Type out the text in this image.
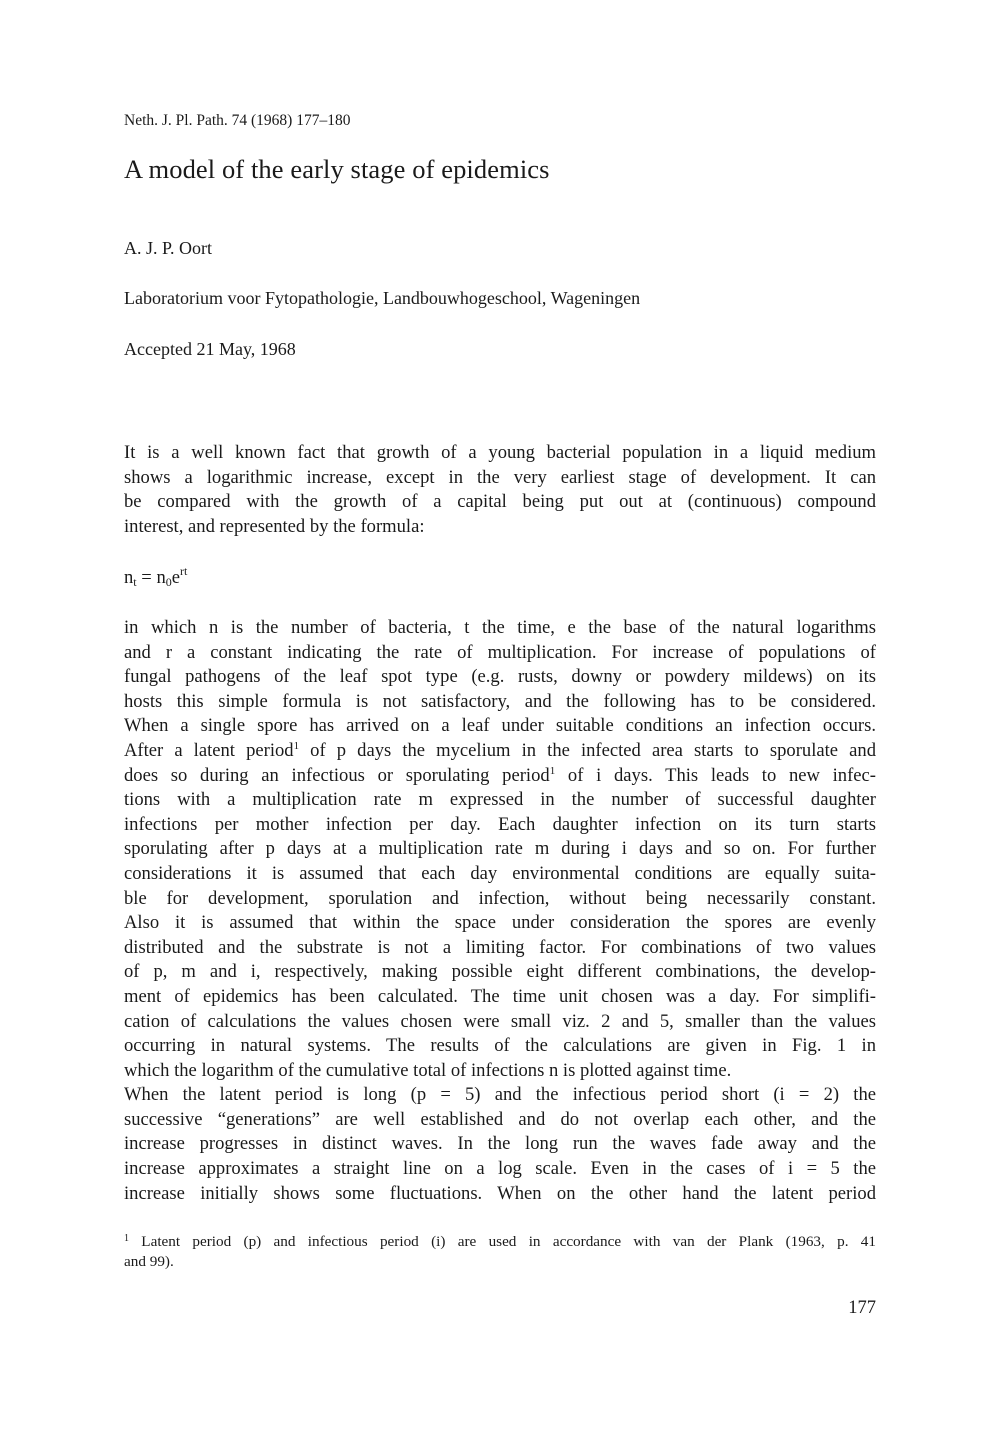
Neth. J. Pl. Path. 74 (1968) 177–180
A model of the early stage of epidemics
A. J. P. Oort
Laboratorium voor Fytopathologie, Landbouwhogeschool, Wageningen
Accepted 21 May, 1968
It is a well known fact that growth of a young bacterial population in a liquid medium
shows a logarithmic increase, except in the very earliest stage of development. It can
be compared with the growth of a capital being put out at (continuous) compound
interest, and represented by the formula:
$n_t = n_0e^{rt}$
in which n is the number of bacteria, t the time, e the base of the natural logarithms
and r a constant indicating the rate of multiplication. For increase of populations of
fungal pathogens of the leaf spot type (e.g. rusts, downy or powdery mildews) on its
hosts this simple formula is not satisfactory, and the following has to be considered.
When a single spore has arrived on a leaf under suitable conditions an infection occurs.
After a latent period$^1$ of p days the mycelium in the infected area starts to sporulate and
does so during an infectious or sporulating period$^1$ of i days. This leads to new infec-
tions with a multiplication rate m expressed in the number of successful daughter
infections per mother infection per day. Each daughter infection on its turn starts
sporulating after p days at a multiplication rate m during i days and so on. For further
considerations it is assumed that each day environmental conditions are equally suita-
ble for development, sporulation and infection, without being necessarily constant.
Also it is assumed that within the space under consideration the spores are evenly
distributed and the substrate is not a limiting factor. For combinations of two values
of p, m and i, respectively, making possible eight different combinations, the develop-
ment of epidemics has been calculated. The time unit chosen was a day. For simplifi-
cation of calculations the values chosen were small viz. 2 and 5, smaller than the values
occurring in natural systems. The results of the calculations are given in Fig. 1 in
which the logarithm of the cumulative total of infections n is plotted against time.
When the latent period is long (p = 5) and the infectious period short (i = 2) the
successive “generations” are well established and do not overlap each other, and the
increase progresses in distinct waves. In the long run the waves fade away and the
increase approximates a straight line on a log scale. Even in the cases of i = 5 the
increase initially shows some fluctuations. When on the other hand the latent period
$^1$ Latent period (p) and infectious period (i) are used in accordance with van der Plank (1963, p. 41
and 99).
177
